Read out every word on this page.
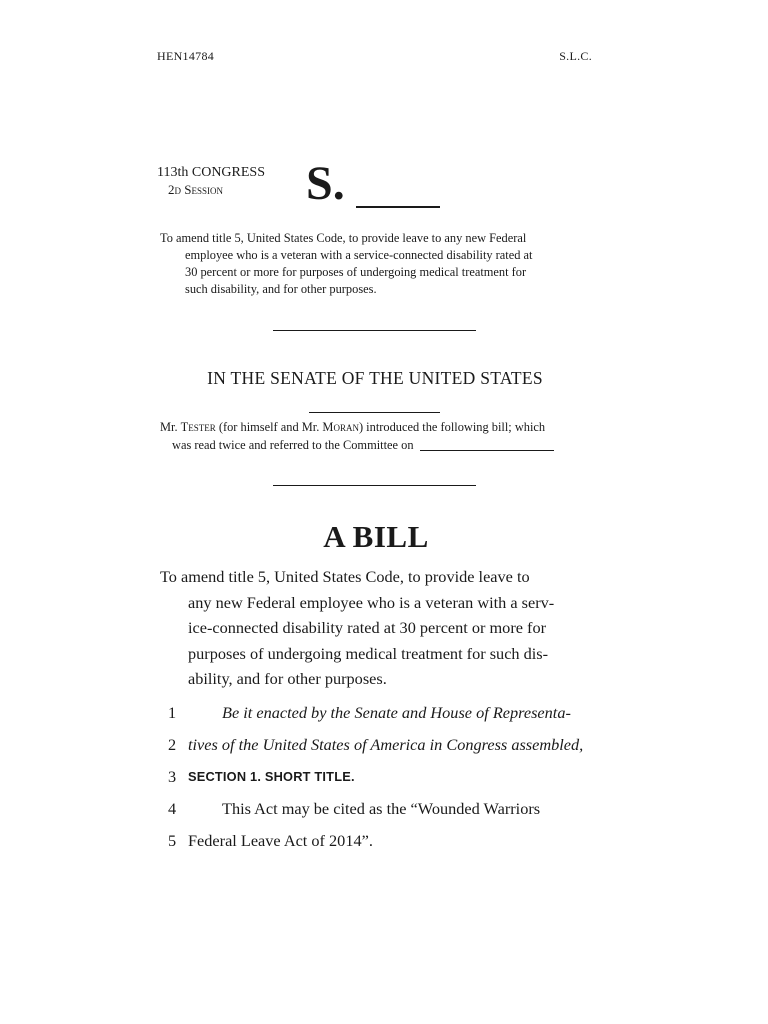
HEN14784	S.L.C.
113th CONGRESS
2d Session S.
To amend title 5, United States Code, to provide leave to any new Federal
employee who is a veteran with a service-connected disability rated at
30 percent or more for purposes of undergoing medical treatment for
such disability, and for other purposes.
IN THE SENATE OF THE UNITED STATES
Mr. Tester (for himself and Mr. Moran) introduced the following bill; which
was read twice and referred to the Committee on
A BILL
To amend title 5, United States Code, to provide leave to
any new Federal employee who is a veteran with a serv-
ice-connected disability rated at 30 percent or more for
purposes of undergoing medical treatment for such dis-
ability, and for other purposes.
1	Be it enacted by the Senate and House of Representa-
2 tives of the United States of America in Congress assembled,
3 SECTION 1. SHORT TITLE.
4	This Act may be cited as the “Wounded Warriors
5 Federal Leave Act of 2014”.
